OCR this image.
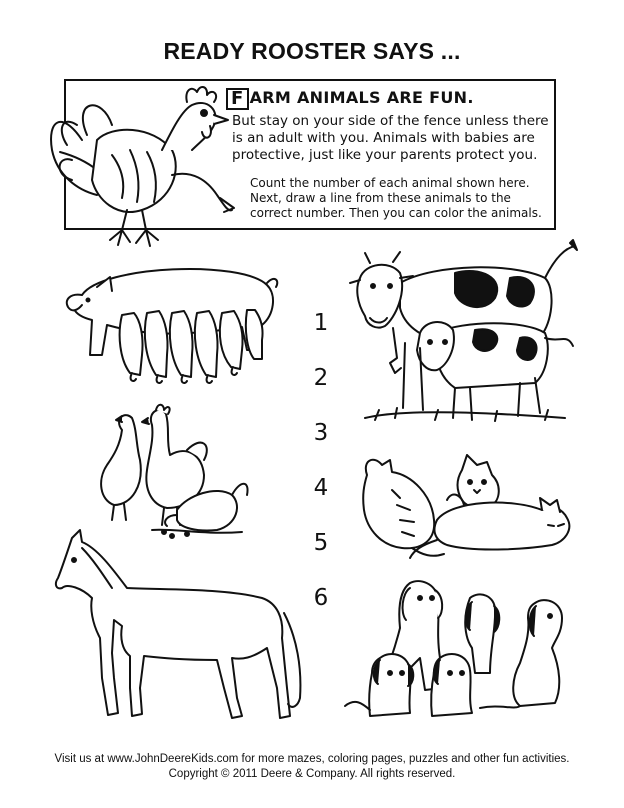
READY ROOSTER SAYS ...
F ARM ANIMALS ARE FUN.
But stay on your side of the fence unless there is an adult with you. Animals with babies are protective, just like your parents protect you.
Count the number of each animal shown here. Next, draw a line from these animals to the correct number. Then you can color the animals.
1
2
3
4
5
6
Visit us at www.JohnDeereKids.com for more mazes, coloring pages, puzzles and other fun activities.
Copyright © 2011 Deere & Company. All rights reserved.
